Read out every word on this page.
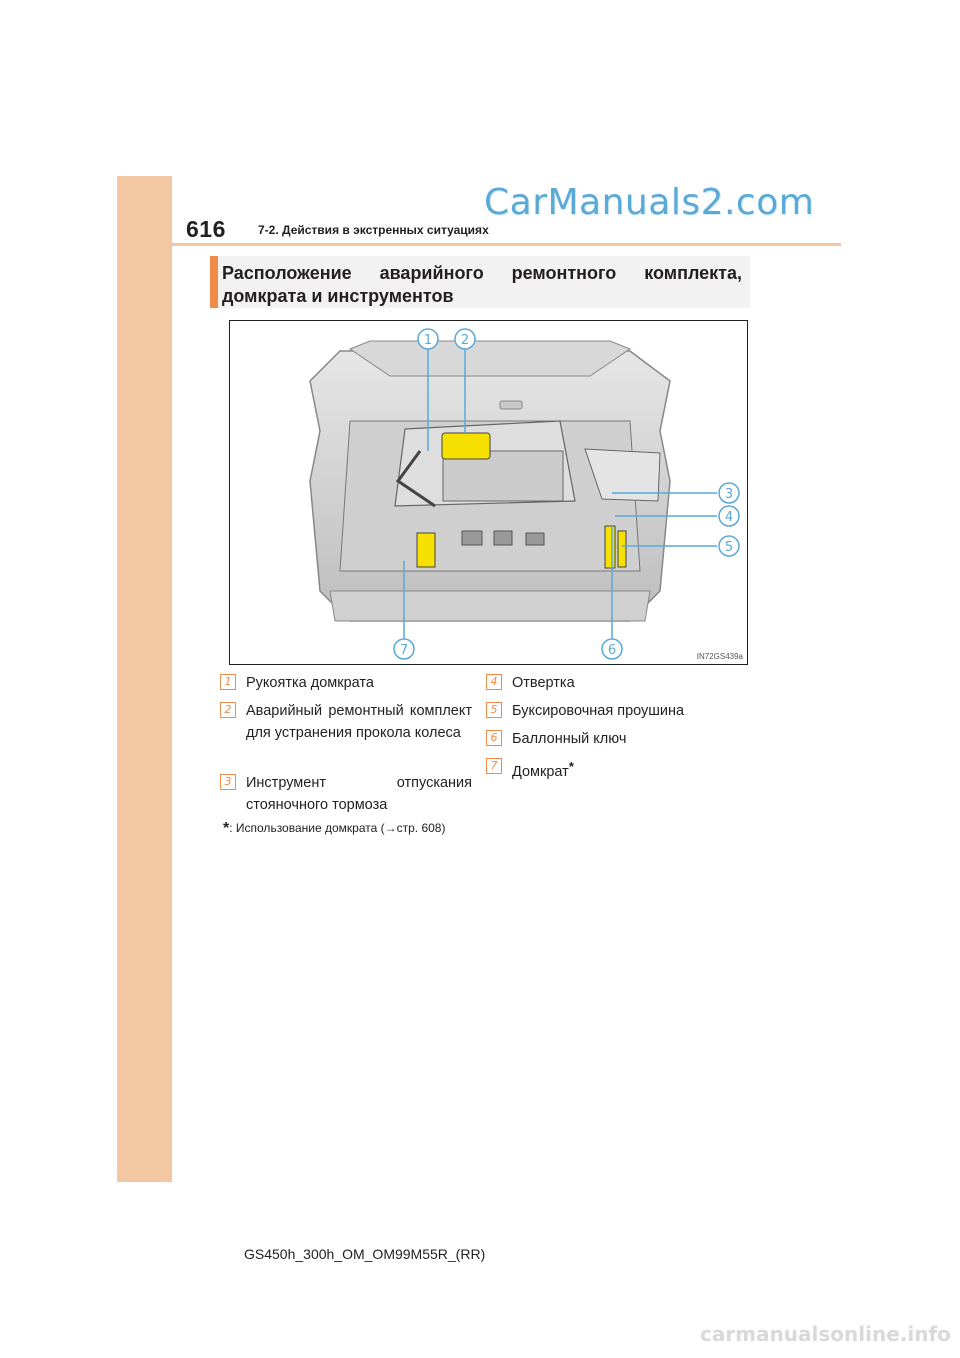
616	7-2. Действия в экстренных ситуациях
CarManuals2.com
Расположение аварийного ремонтного комплекта, домкрата и инструментов
1 2
3
4
5
6
7	IN72GS439a
1	Рукоятка домкрата
2	Аварийный ремонтный комплект для устранения прокола колеса
3	Инструмент отпускания стояночного тормоза
4	Отвертка
5	Буксировочная проушина
6	Баллонный ключ
7	Домкрат*
*: Использование домкрата (→стр. 608)
GS450h_300h_OM_OM99M55R_(RR)
carmanualsonline.info
